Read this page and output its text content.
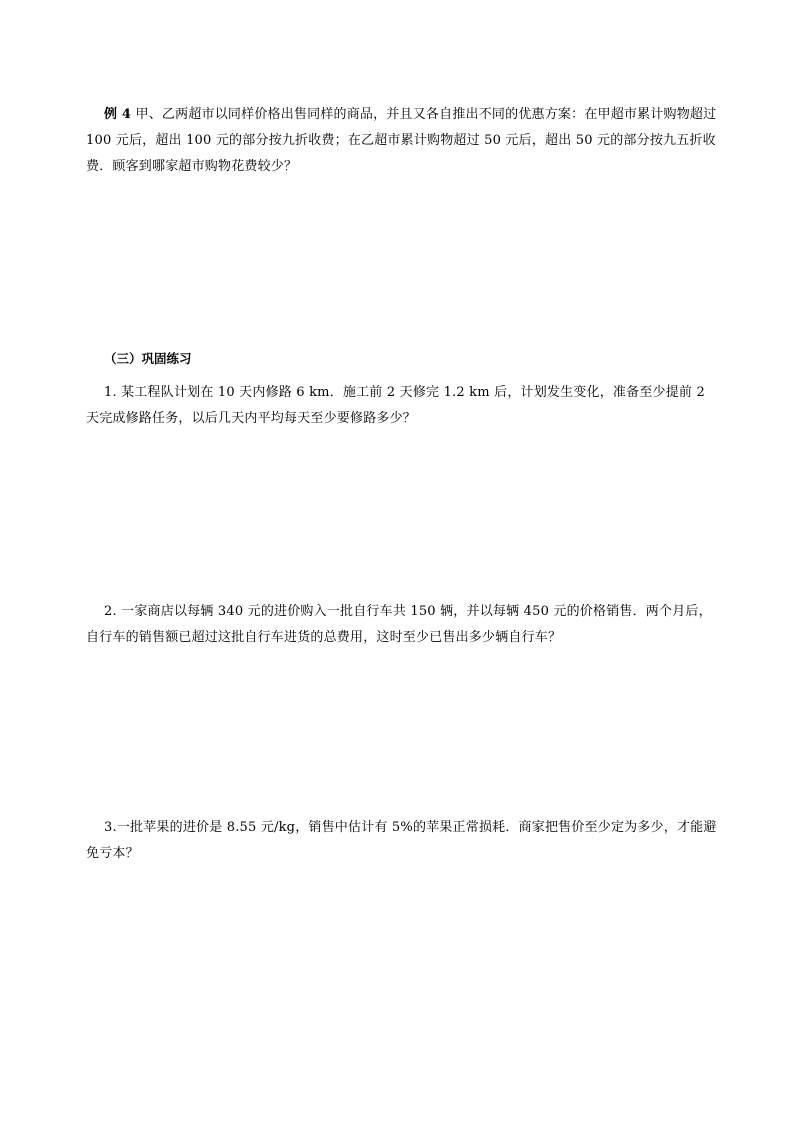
例 4 甲、乙两超市以同样价格出售同样的商品，并且又各自推出不同的优惠方案：在甲超市累计购物超过 100 元后，超出 100 元的部分按九折收费；在乙超市累计购物超过 50 元后，超出 50 元的部分按九五折收费．顾客到哪家超市购物花费较少？
（三）巩固练习
1. 某工程队计划在 10 天内修路 6 km．施工前 2 天修完 1.2 km 后，计划发生变化，准备至少提前 2 天完成修路任务，以后几天内平均每天至少要修路多少？
2. 一家商店以每辆 340 元的进价购入一批自行车共 150 辆，并以每辆 450 元的价格销售．两个月后，自行车的销售额已超过这批自行车进货的总费用，这时至少已售出多少辆自行车？
3.一批苹果的进价是 8.55 元/kg，销售中估计有 5%的苹果正常损耗．商家把售价至少定为多少，才能避免亏本？
